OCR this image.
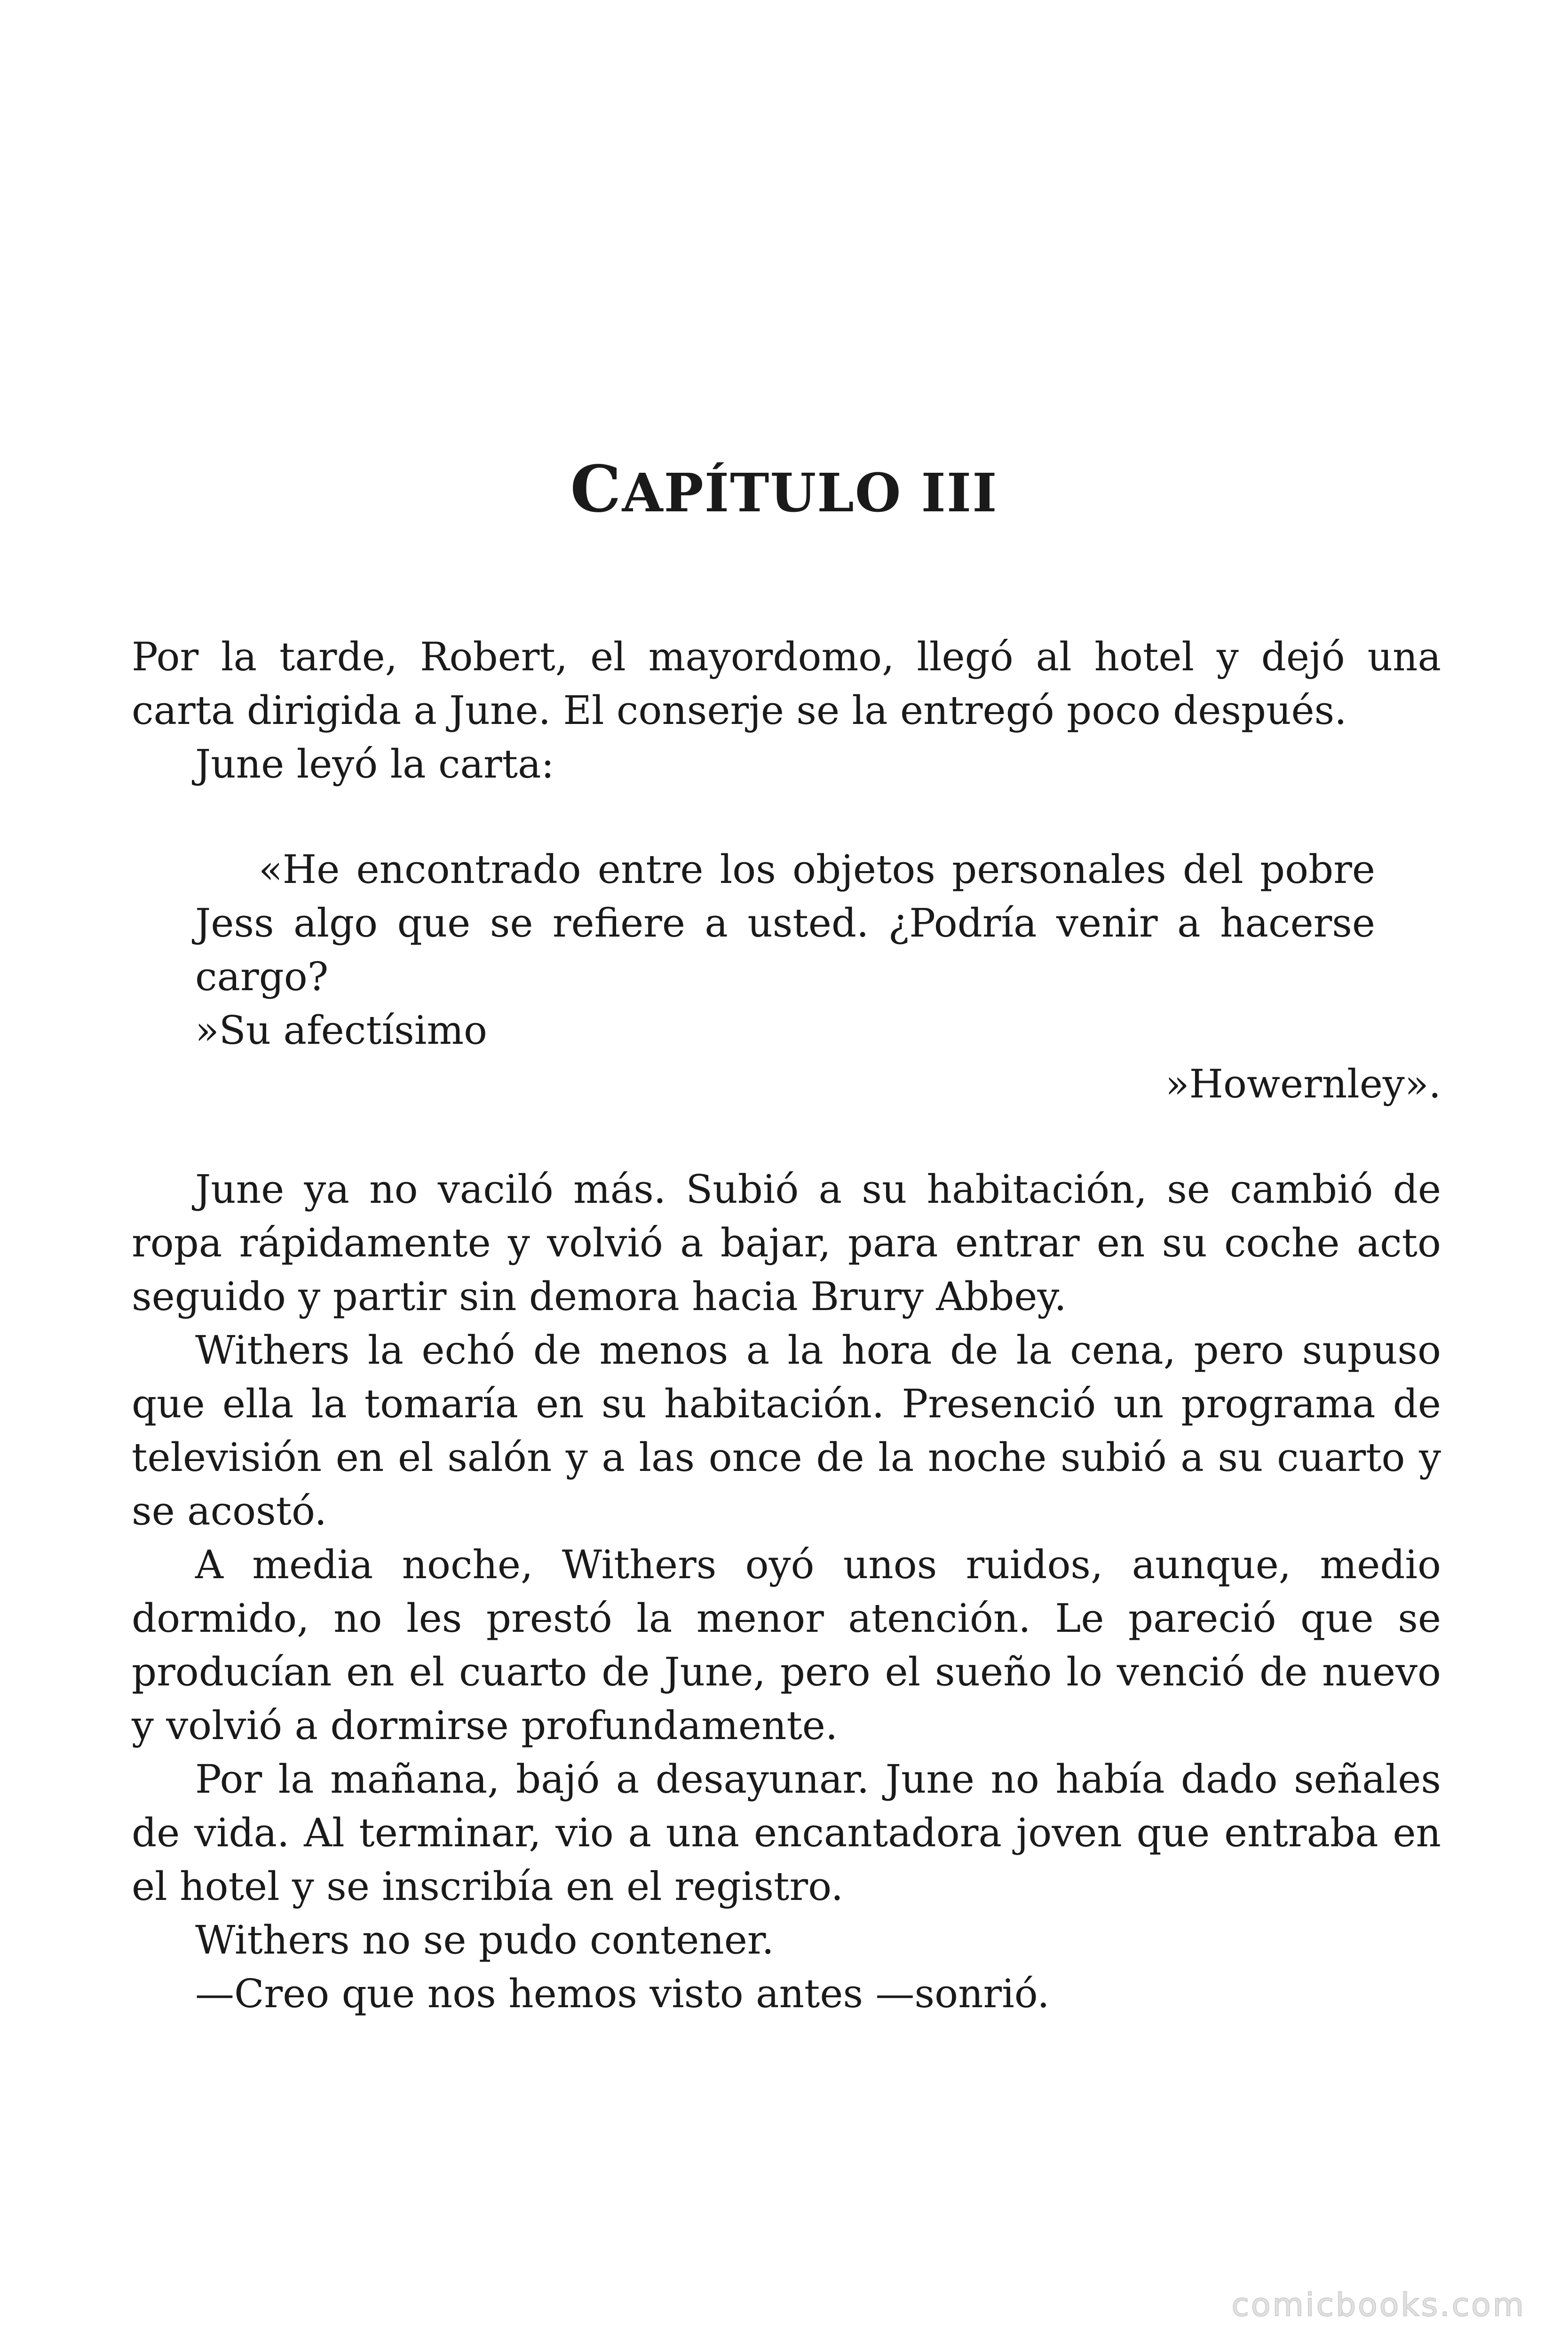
CAPÍTULO III

Por la tarde, Robert, el mayordomo, llegó al hotel y dejó una carta dirigida a June. El conserje se la entregó poco después.

June leyó la carta:

«He encontrado entre los objetos personales del pobre Jess algo que se refiere a usted. ¿Podría venir a hacerse cargo?

»Su afectísimo

»Howernley».

June ya no vaciló más. Subió a su habitación, se cambió de ropa rápidamente y volvió a bajar, para entrar en su coche acto seguido y partir sin demora hacia Brury Abbey.

Withers la echó de menos a la hora de la cena, pero supuso que ella la tomaría en su habitación. Presenció un programa de televisión en el salón y a las once de la noche subió a su cuarto y se acostó.

A media noche, Withers oyó unos ruidos, aunque, medio dormido, no les prestó la menor atención. Le pareció que se producían en el cuarto de June, pero el sueño lo venció de nuevo y volvió a dormirse profundamente.

Por la mañana, bajó a desayunar. June no había dado señales de vida. Al terminar, vio a una encantadora joven que entraba en el hotel y se inscribía en el registro.

Withers no se pudo contener.

—Creo que nos hemos visto antes —sonrió.

comicbooks.com
